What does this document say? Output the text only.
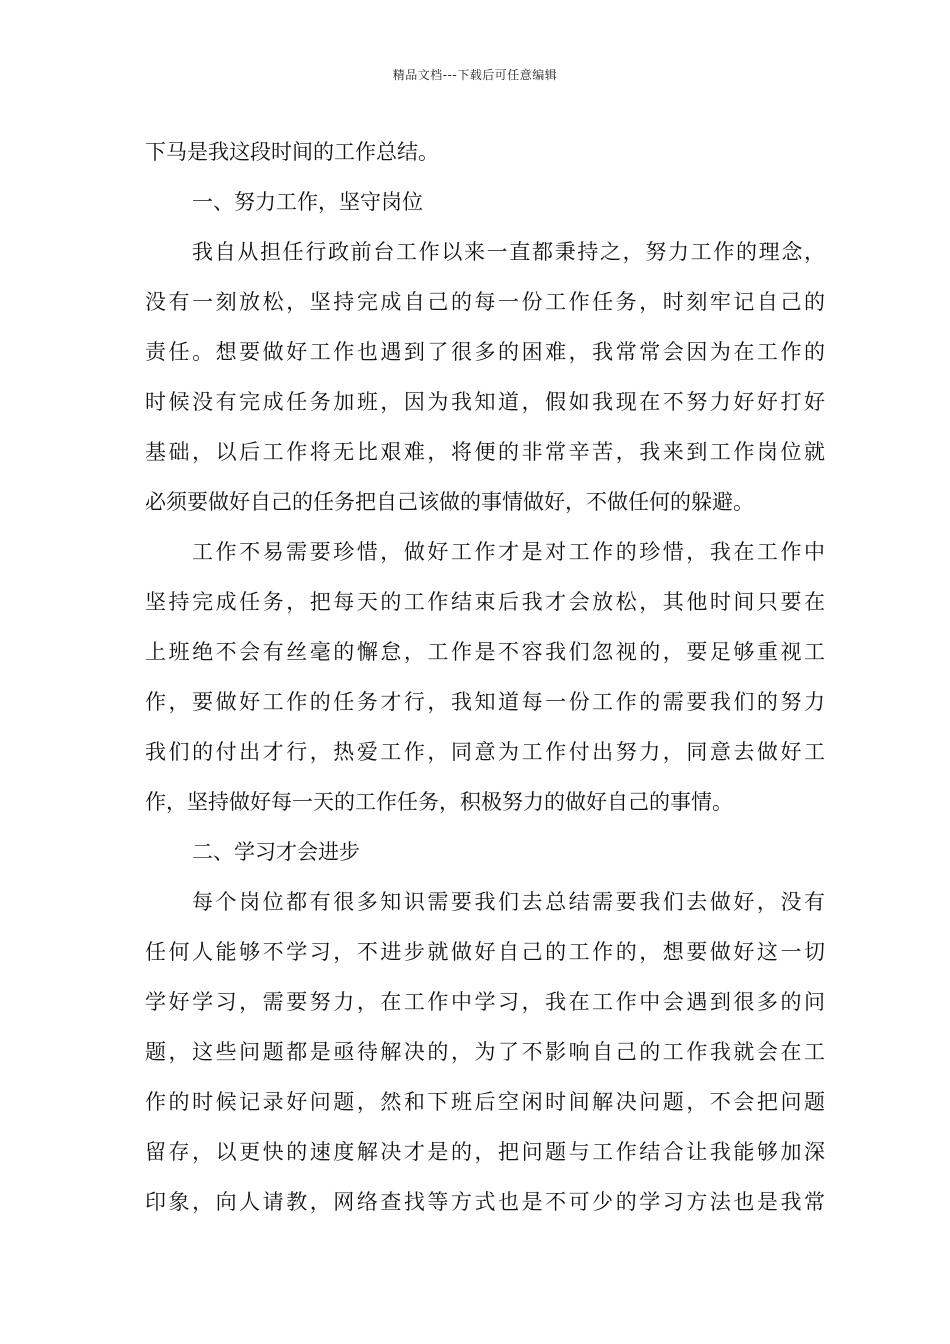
精品文档---下载后可任意编辑
下马是我这段时间的工作总结。
一、努力工作，坚守岗位
我自从担任行政前台工作以来一直都秉持之，努力工作的理念，
没有一刻放松，坚持完成自己的每一份工作任务，时刻牢记自己的
责任。想要做好工作也遇到了很多的困难，我常常会因为在工作的
时候没有完成任务加班，因为我知道，假如我现在不努力好好打好
基础，以后工作将无比艰难，将便的非常辛苦，我来到工作岗位就
必须要做好自己的任务把自己该做的事情做好，不做任何的躲避。
工作不易需要珍惜，做好工作才是对工作的珍惜，我在工作中
坚持完成任务，把每天的工作结束后我才会放松，其他时间只要在
上班绝不会有丝毫的懈怠，工作是不容我们忽视的，要足够重视工
作，要做好工作的任务才行，我知道每一份工作的需要我们的努力
我们的付出才行，热爱工作，同意为工作付出努力，同意去做好工
作，坚持做好每一天的工作任务，积极努力的做好自己的事情。
二、学习才会进步
每个岗位都有很多知识需要我们去总结需要我们去做好，没有
任何人能够不学习，不进步就做好自己的工作的，想要做好这一切
学好学习，需要努力，在工作中学习，我在工作中会遇到很多的问
题，这些问题都是亟待解决的，为了不影响自己的工作我就会在工
作的时候记录好问题，然和下班后空闲时间解决问题，不会把问题
留存，以更快的速度解决才是的，把问题与工作结合让我能够加深
印象，向人请教，网络查找等方式也是不可少的学习方法也是我常
